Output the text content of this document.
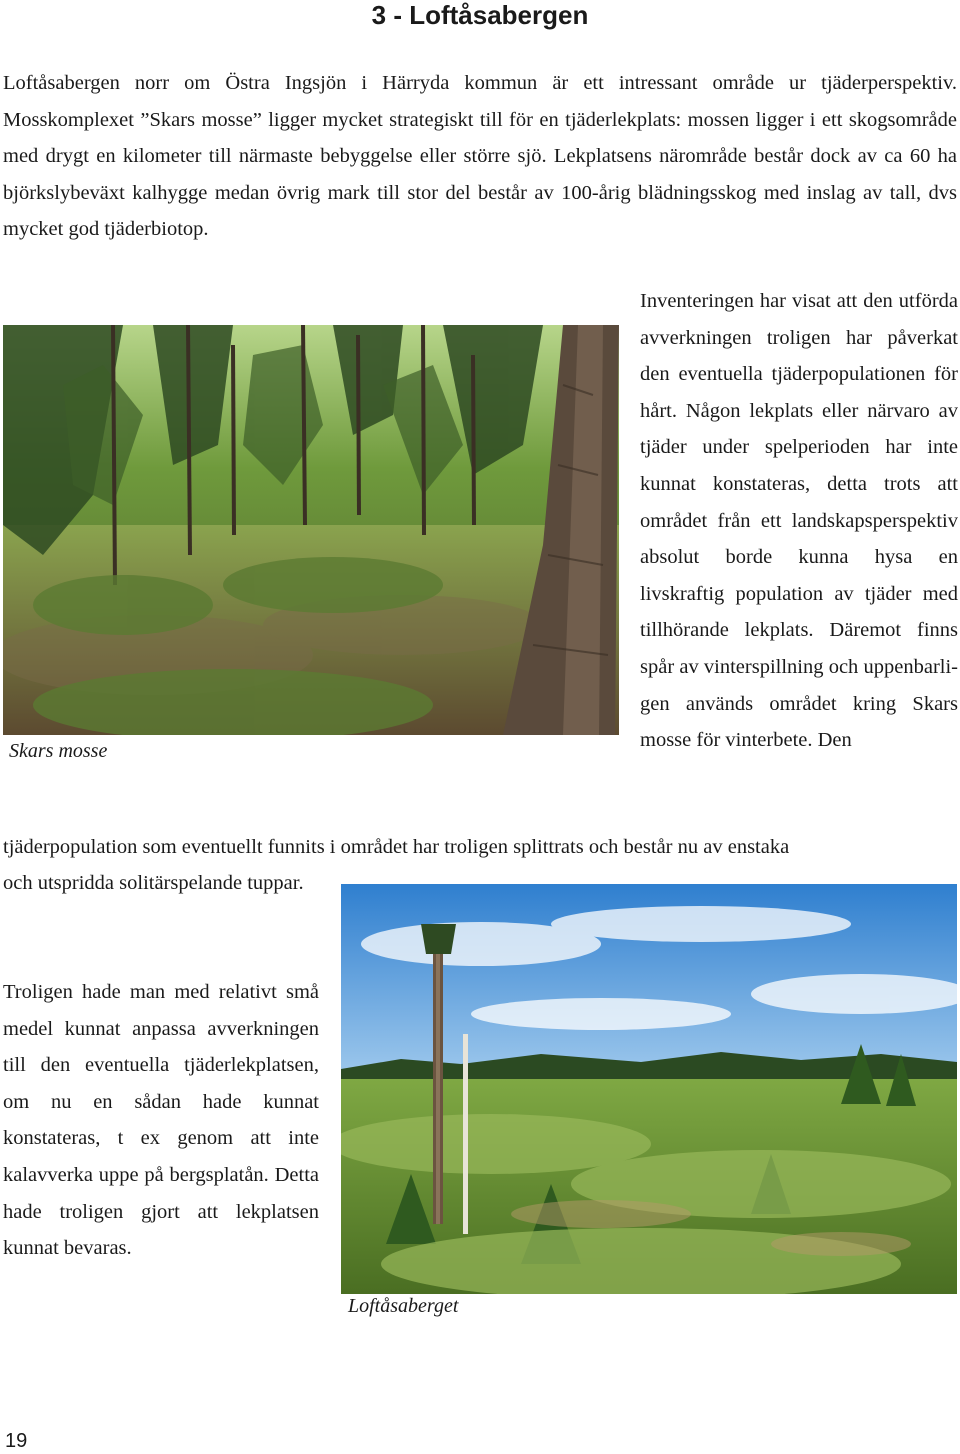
3 - Loftåsabergen

Loftåsabergen norr om Östra Ingsjön i Härryda kommun är ett intressant område ur tjäderperspektiv. Mosskomplexet ”Skars mosse” ligger mycket strategiskt till för en tjäderlekplats: mossen ligger i ett skogsområde med drygt en kilometer till närmaste bebyggelse eller större sjö. Lekplatsens närområde består dock av ca 60 ha björkslybeväxt kalhygge medan övrig mark till stor del består av 100-årig blädningsskog med inslag av tall, dvs mycket god tjäderbiotop.

Skars mosse

Inventeringen har visat att den utförda avverkningen troligen har påverkat den eventuella tjäderpopulationen för hårt. Någon lekplats eller närvaro av tjäder under spelperioden har inte kunnat konstateras, detta trots att området från ett landskapsperspektiv absolut borde kunna hysa en livskraftig population av tjäder med tillhörande lekplats. Däremot finns spår av vinterspillning och uppenbarligen används området kring Skars mosse för vinterbete. Den

tjäderpopulation som eventuellt funnits i området har troligen splittrats och består nu av enstaka

och utspridda solitärspelande tuppar.

Loftåsaberget

Troligen hade man med relativt små medel kunnat anpassa avverkningen till den eventuella tjäderlekplatsen, om nu en sådan hade kunnat konstateras, t ex genom att inte kalavverka uppe på bergsplatån. Detta hade troligen gjort att lekplatsen kunnat bevaras.

19
